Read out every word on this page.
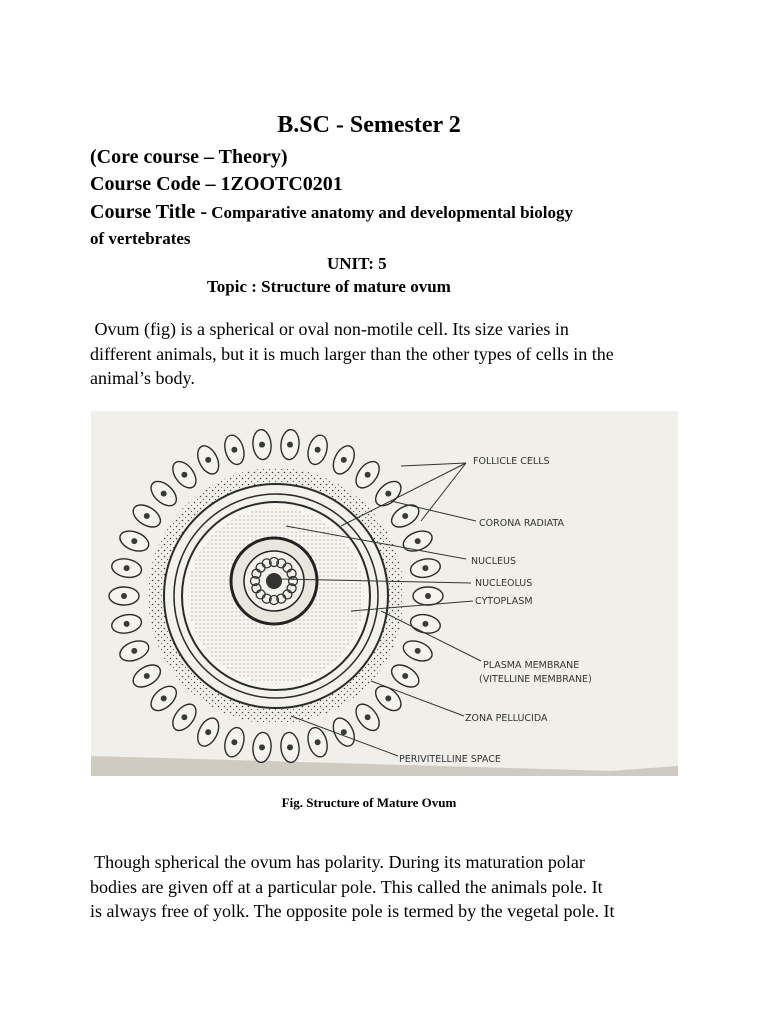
B.SC - Semester 2
(Core course – Theory)
Course Code – 1ZOOTC0201
Course Title - Comparative anatomy and developmental biology
of vertebrates
UNIT: 5
Topic : Structure of mature ovum
Ovum (fig) is a spherical or oval non-motile cell. Its size varies in
different animals, but it is much larger than the other types of cells in the
animal’s body.
FOLLICLE CELLS
CORONA RADIATA
NUCLEUS
NUCLEOLUS
CYTOPLASM
PLASMA MEMBRANE
(VITELLINE MEMBRANE)
ZONA PELLUCIDA
PERIVITELLINE SPACE
Fig. Structure of Mature Ovum
Though spherical the ovum has polarity. During its maturation polar
bodies are given off at a particular pole. This called the animals pole. It
is always free of yolk. The opposite pole is termed by the vegetal pole. It
